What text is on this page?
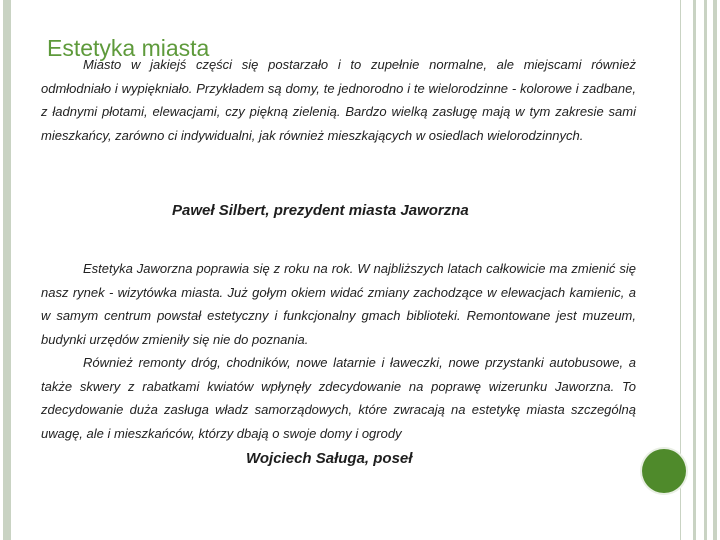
Estetyka miasta

Miasto w jakiejś części się postarzało i to zupełnie normalne, ale miejscami również odmłodniało i wypiękniało. Przykładem są domy, te jednorodno i te wielorodzinne - kolorowe i zadbane, z ładnymi płotami, elewacjami, czy piękną zielenią. Bardzo wielką zasługę mają w tym zakresie sami mieszkańcy, zarówno ci indywidualni, jak również mieszkających w osiedlach wielorodzinnych.

Paweł Silbert, prezydent miasta Jaworzna

Estetyka Jaworzna poprawia się z roku na rok. W najbliższych latach całkowicie ma zmienić się nasz rynek - wizytówka miasta. Już gołym okiem widać zmiany zachodzące w elewacjach kamienic, a w samym centrum powstał estetyczny i funkcjonalny gmach biblioteki. Remontowane jest muzeum, budynki urzędów zmieniły się nie do poznania.

Również remonty dróg, chodników, nowe latarnie i ławeczki, nowe przystanki autobusowe, a także skwery z rabatkami kwiatów wpłynęły zdecydowanie na poprawę wizerunku Jaworzna. To zdecydowanie duża zasługa władz samorządowych, które zwracają na estetykę miasta szczególną uwagę, ale i mieszkańców, którzy dbają o swoje domy i ogrody

Wojciech Saługa, poseł
